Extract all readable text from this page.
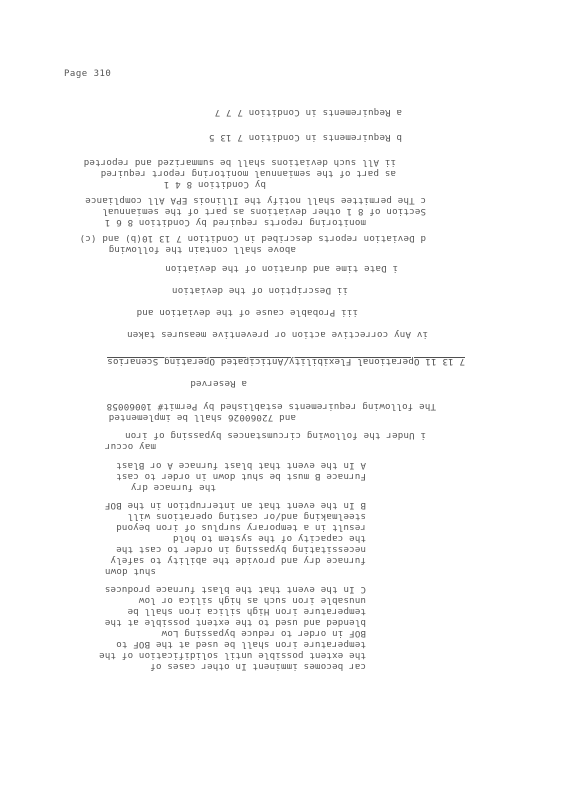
Page 310
a Requirements in Condition 7 7 7
b Requirements in Condition 7 13 5
ii All such deviations shall be summarized and reported
as part of the semiannual monitoring report required
by Condition 8 4 1
c The permittee shall notify the Illinois EPA All compliance
Section of 8 1 other deviations as part of the semiannual
monitoring reports required by Condition 8 6 1
d Deviation reports described in Condition 7 13 10(b) and (c)
above shall contain the following
i Date time and duration of the deviation
ii Description of the deviation
iii Probable cause of the deviation and
iv Any corrective action or preventive measures taken
7 13 11 Operational Flexibility/Anticipated Operating Scenarios
a Reserved
The following requirements established by Permit# 10060058
and 72060026 shall be implemented
i Under the following circumstances bypassing of iron
may occur
A In the event that blast furnace A or Blast
Furnace B must be shut down in order to cast
the furnace dry
B In the event that an interruption in the BOF
steelmaking and/or casting operations will
result in a temporary surplus of iron beyond
the capacity of the system to hold
necessitating bypassing in order to cast the
furnace dry and provide the ability to safely
shut down
C In the event that the blast furnace produces
unusable iron such as high silica or low
temperature iron High silica iron shall be
blended and used to the extent possible at the
BOF in order to reduce bypassing Low
temperature iron shall be used at the BOF to
the extent possible until solidification of the
car becomes imminent In other cases of
